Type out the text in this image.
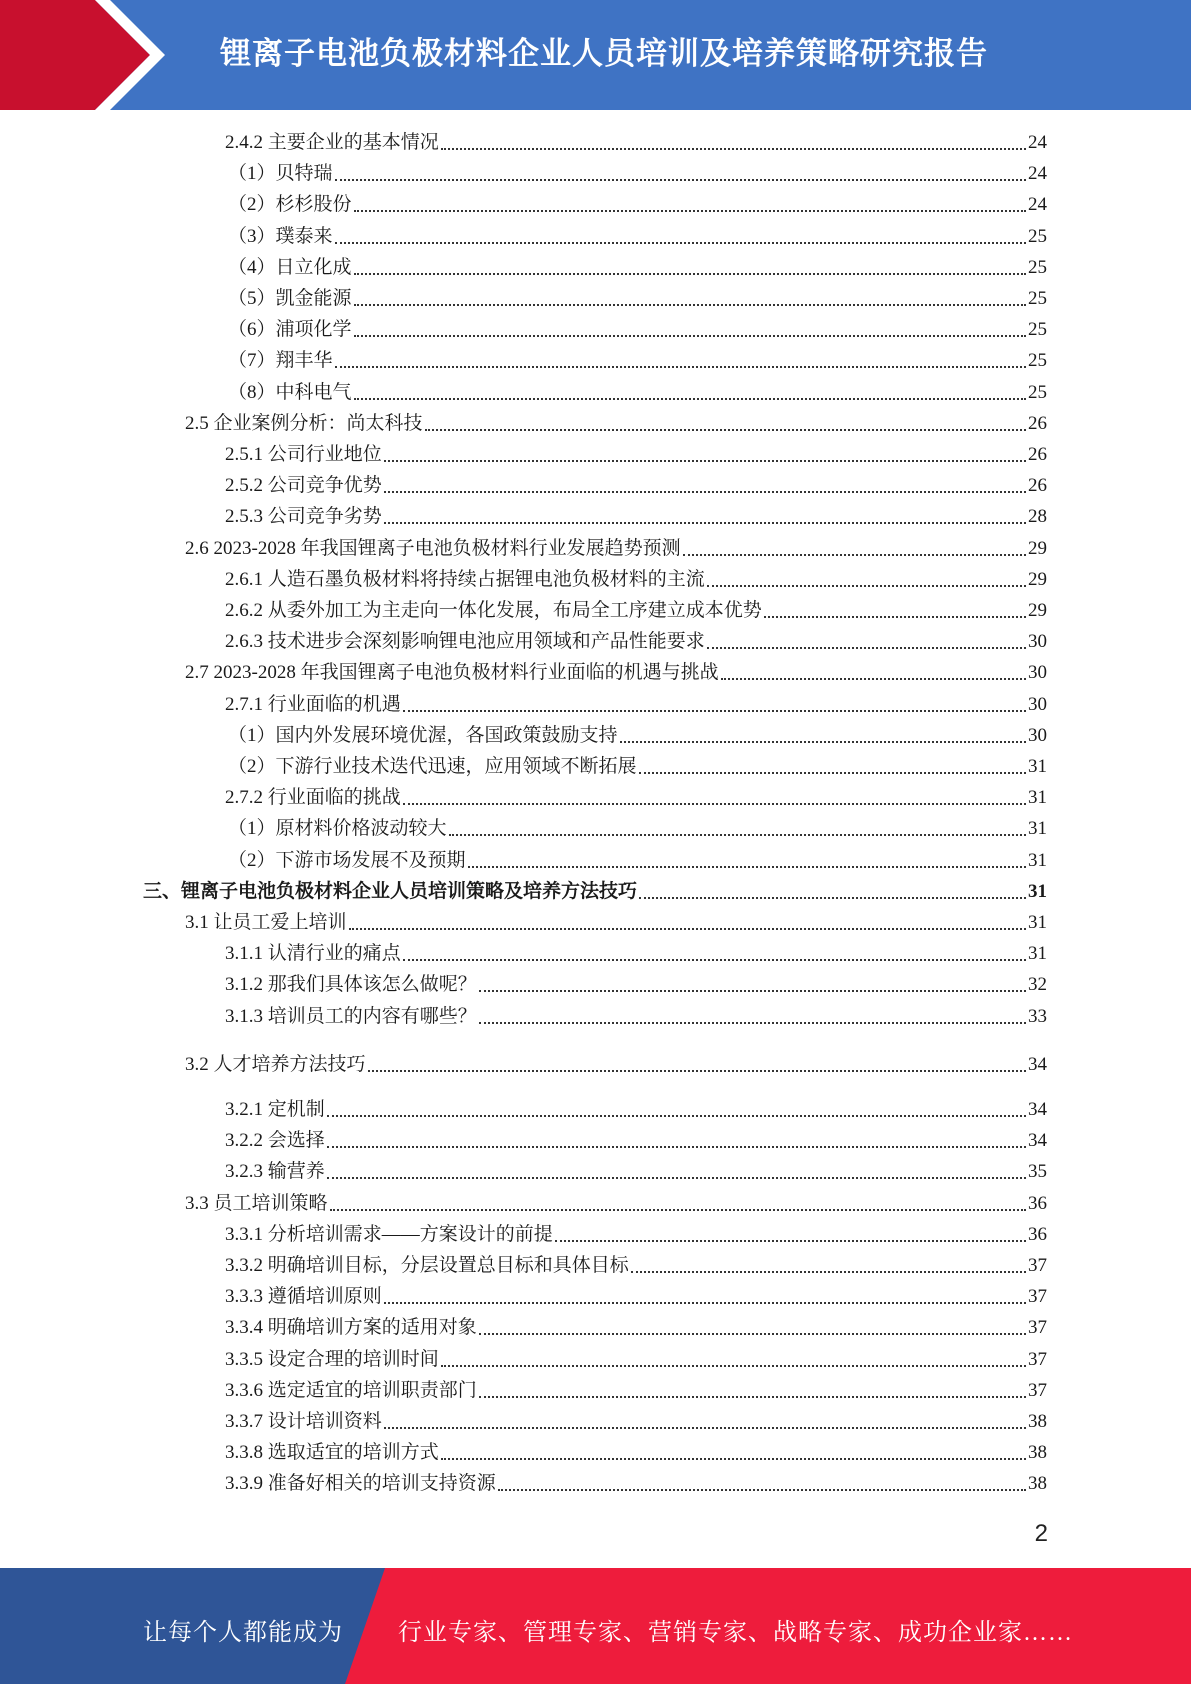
锂离子电池负极材料企业人员培训及培养策略研究报告
2.4.2 主要企业的基本情况	24
（1）贝特瑞	24
（2）杉杉股份	24
（3）璞泰来	25
（4）日立化成	25
（5）凯金能源	25
（6）浦项化学	25
（7）翔丰华	25
（8）中科电气	25
2.5 企业案例分析：尚太科技	26
2.5.1 公司行业地位	26
2.5.2 公司竞争优势	26
2.5.3 公司竞争劣势	28
2.6 2023-2028 年我国锂离子电池负极材料行业发展趋势预测	29
2.6.1 人造石墨负极材料将持续占据锂电池负极材料的主流	29
2.6.2 从委外加工为主走向一体化发展，布局全工序建立成本优势	29
2.6.3 技术进步会深刻影响锂电池应用领域和产品性能要求	30
2.7 2023-2028 年我国锂离子电池负极材料行业面临的机遇与挑战	30
2.7.1 行业面临的机遇	30
（1）国内外发展环境优渥，各国政策鼓励支持	30
（2）下游行业技术迭代迅速，应用领域不断拓展	31
2.7.2 行业面临的挑战	31
（1）原材料价格波动较大	31
（2）下游市场发展不及预期	31
三、锂离子电池负极材料企业人员培训策略及培养方法技巧	31
3.1 让员工爱上培训	31
3.1.1 认清行业的痛点	31
3.1.2 那我们具体该怎么做呢？	32
3.1.3 培训员工的内容有哪些？	33
3.2 人才培养方法技巧	34
3.2.1 定机制	34
3.2.2 会选择	34
3.2.3 输营养	35
3.3 员工培训策略	36
3.3.1 分析培训需求——方案设计的前提	36
3.3.2 明确培训目标，分层设置总目标和具体目标	37
3.3.3 遵循培训原则	37
3.3.4 明确培训方案的适用对象	37
3.3.5 设定合理的培训时间	37
3.3.6 选定适宜的培训职责部门	37
3.3.7 设计培训资料	38
3.3.8 选取适宜的培训方式	38
3.3.9 准备好相关的培训支持资源	38
2
让每个人都能成为 行业专家、管理专家、营销专家、战略专家、成功企业家……
